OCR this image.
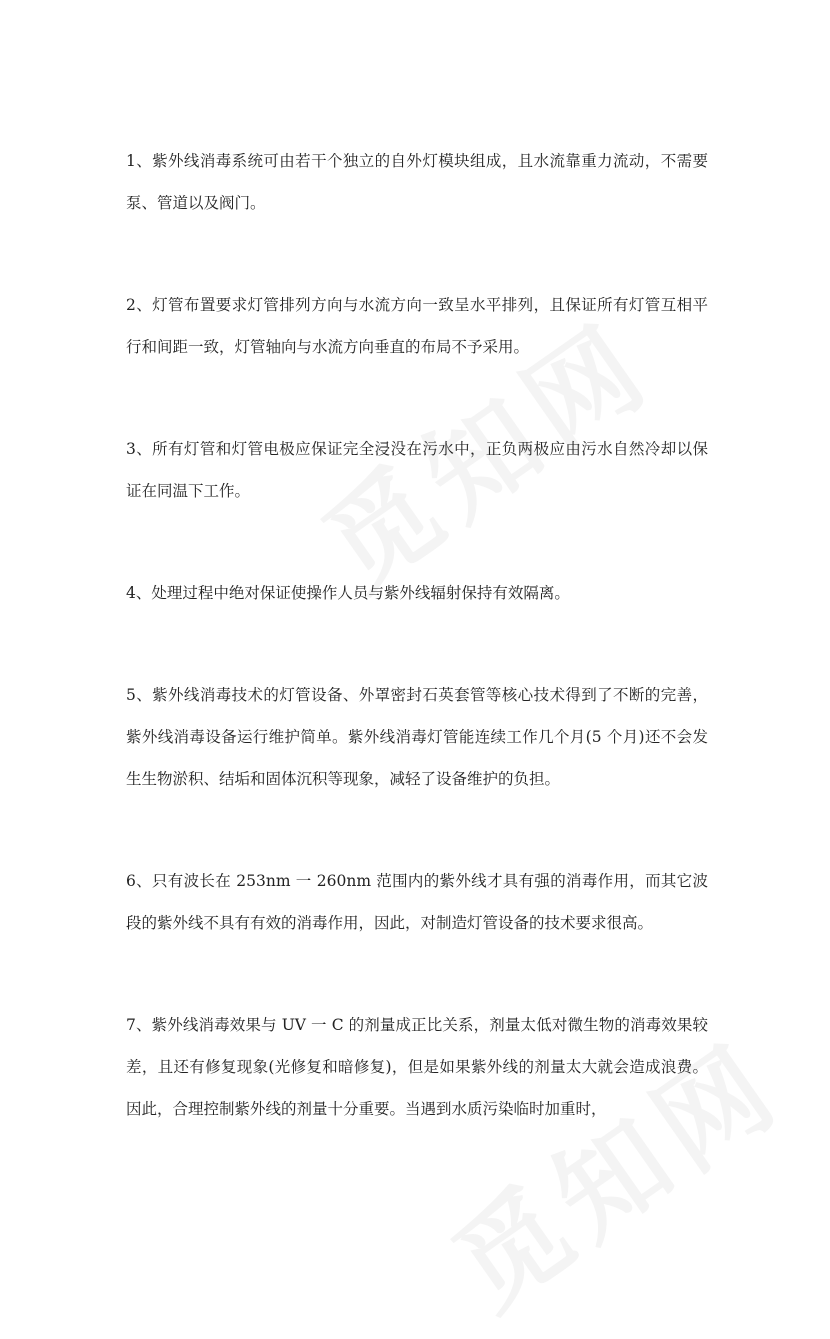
1、紫外线消毒系统可由若干个独立的自外灯模块组成，且水流靠重力流动，不需要泵、管道以及阀门。

2、灯管布置要求灯管排列方向与水流方向一致呈水平排列，且保证所有灯管互相平行和间距一致，灯管轴向与水流方向垂直的布局不予采用。

3、所有灯管和灯管电极应保证完全浸没在污水中，正负两极应由污水自然冷却以保证在同温下工作。

4、处理过程中绝对保证使操作人员与紫外线辐射保持有效隔离。

5、紫外线消毒技术的灯管设备、外罩密封石英套管等核心技术得到了不断的完善，紫外线消毒设备运行维护简单。紫外线消毒灯管能连续工作几个月(5 个月)还不会发生生物淤积、结垢和固体沉积等现象，减轻了设备维护的负担。

6、只有波长在 253nm 一 260nm 范围内的紫外线才具有强的消毒作用，而其它波段的紫外线不具有有效的消毒作用，因此，对制造灯管设备的技术要求很高。

7、紫外线消毒效果与 UV 一 C 的剂量成正比关系，剂量太低对微生物的消毒效果较差，且还有修复现象(光修复和暗修复)，但是如果紫外线的剂量太大就会造成浪费。因此，合理控制紫外线的剂量十分重要。当遇到水质污染临时加重时，
